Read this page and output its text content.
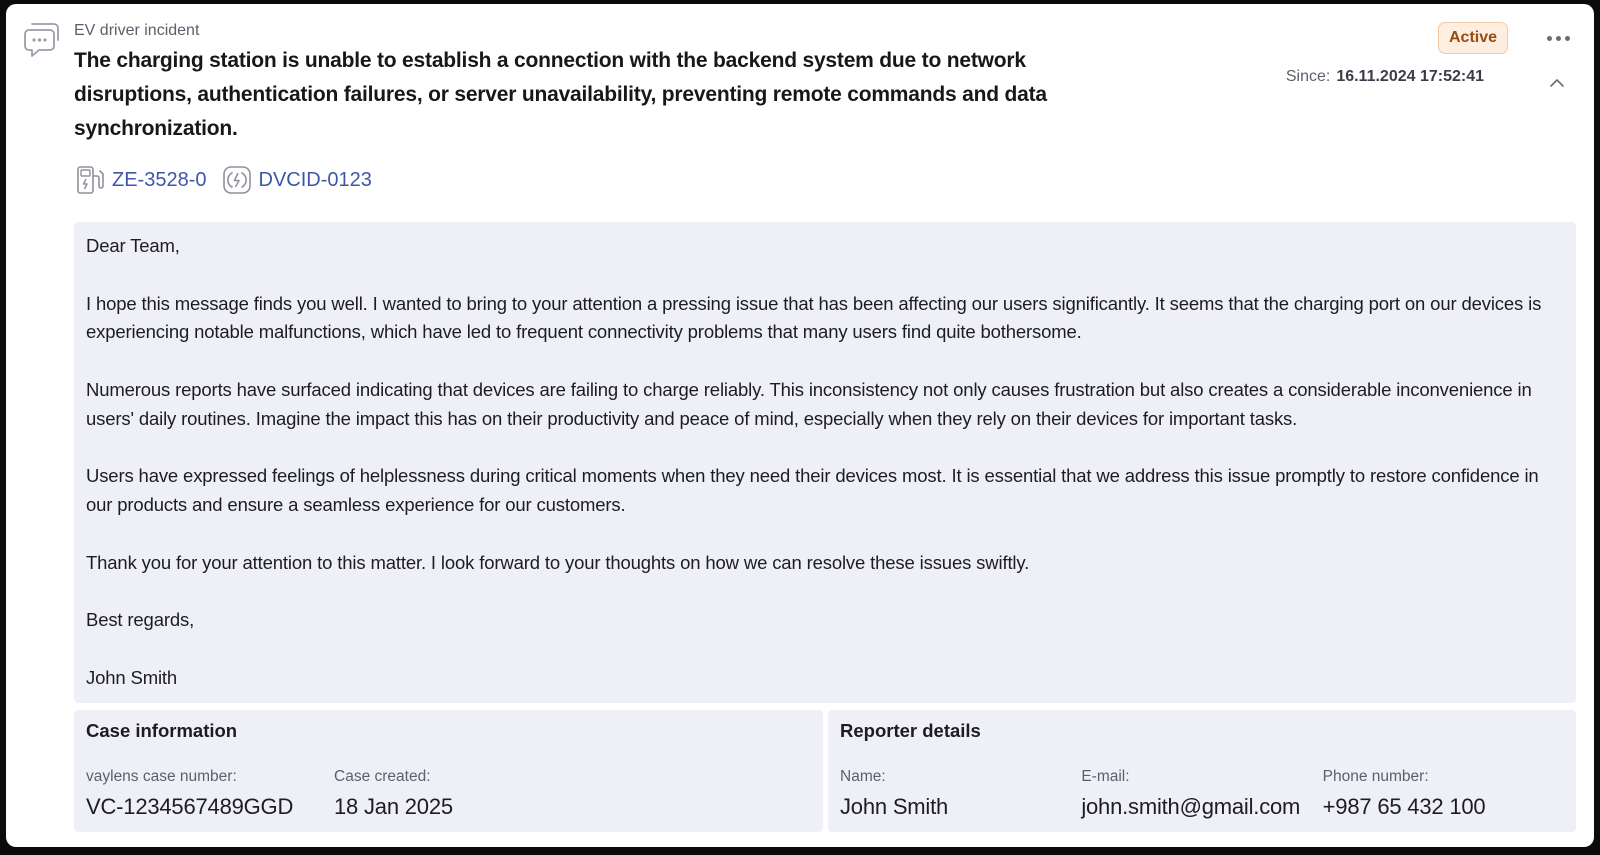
EV driver incident
The charging station is unable to establish a connection with the backend system due to network disruptions, authentication failures, or server unavailability, preventing remote commands and data synchronization.
Active
Since: 16.11.2024 17:52:41
ZE-3528-0	DVCID-0123

Dear Team,

I hope this message finds you well. I wanted to bring to your attention a pressing issue that has been affecting our users significantly. It seems that the charging port on our devices is experiencing notable malfunctions, which have led to frequent connectivity problems that many users find quite bothersome.

Numerous reports have surfaced indicating that devices are failing to charge reliably. This inconsistency not only causes frustration but also creates a considerable inconvenience in users' daily routines. Imagine the impact this has on their productivity and peace of mind, especially when they rely on their devices for important tasks.

Users have expressed feelings of helplessness during critical moments when they need their devices most. It is essential that we address this issue promptly to restore confidence in our products and ensure a seamless experience for our customers.

Thank you for your attention to this matter. I look forward to your thoughts on how we can resolve these issues swiftly.

Best regards,

John Smith

Case information
vaylens case number:
VC-1234567489GGD
Case created:
18 Jan 2025
Reporter details
Name:
John Smith
E-mail:
john.smith@gmail.com
Phone number:
+987 65 432 100
